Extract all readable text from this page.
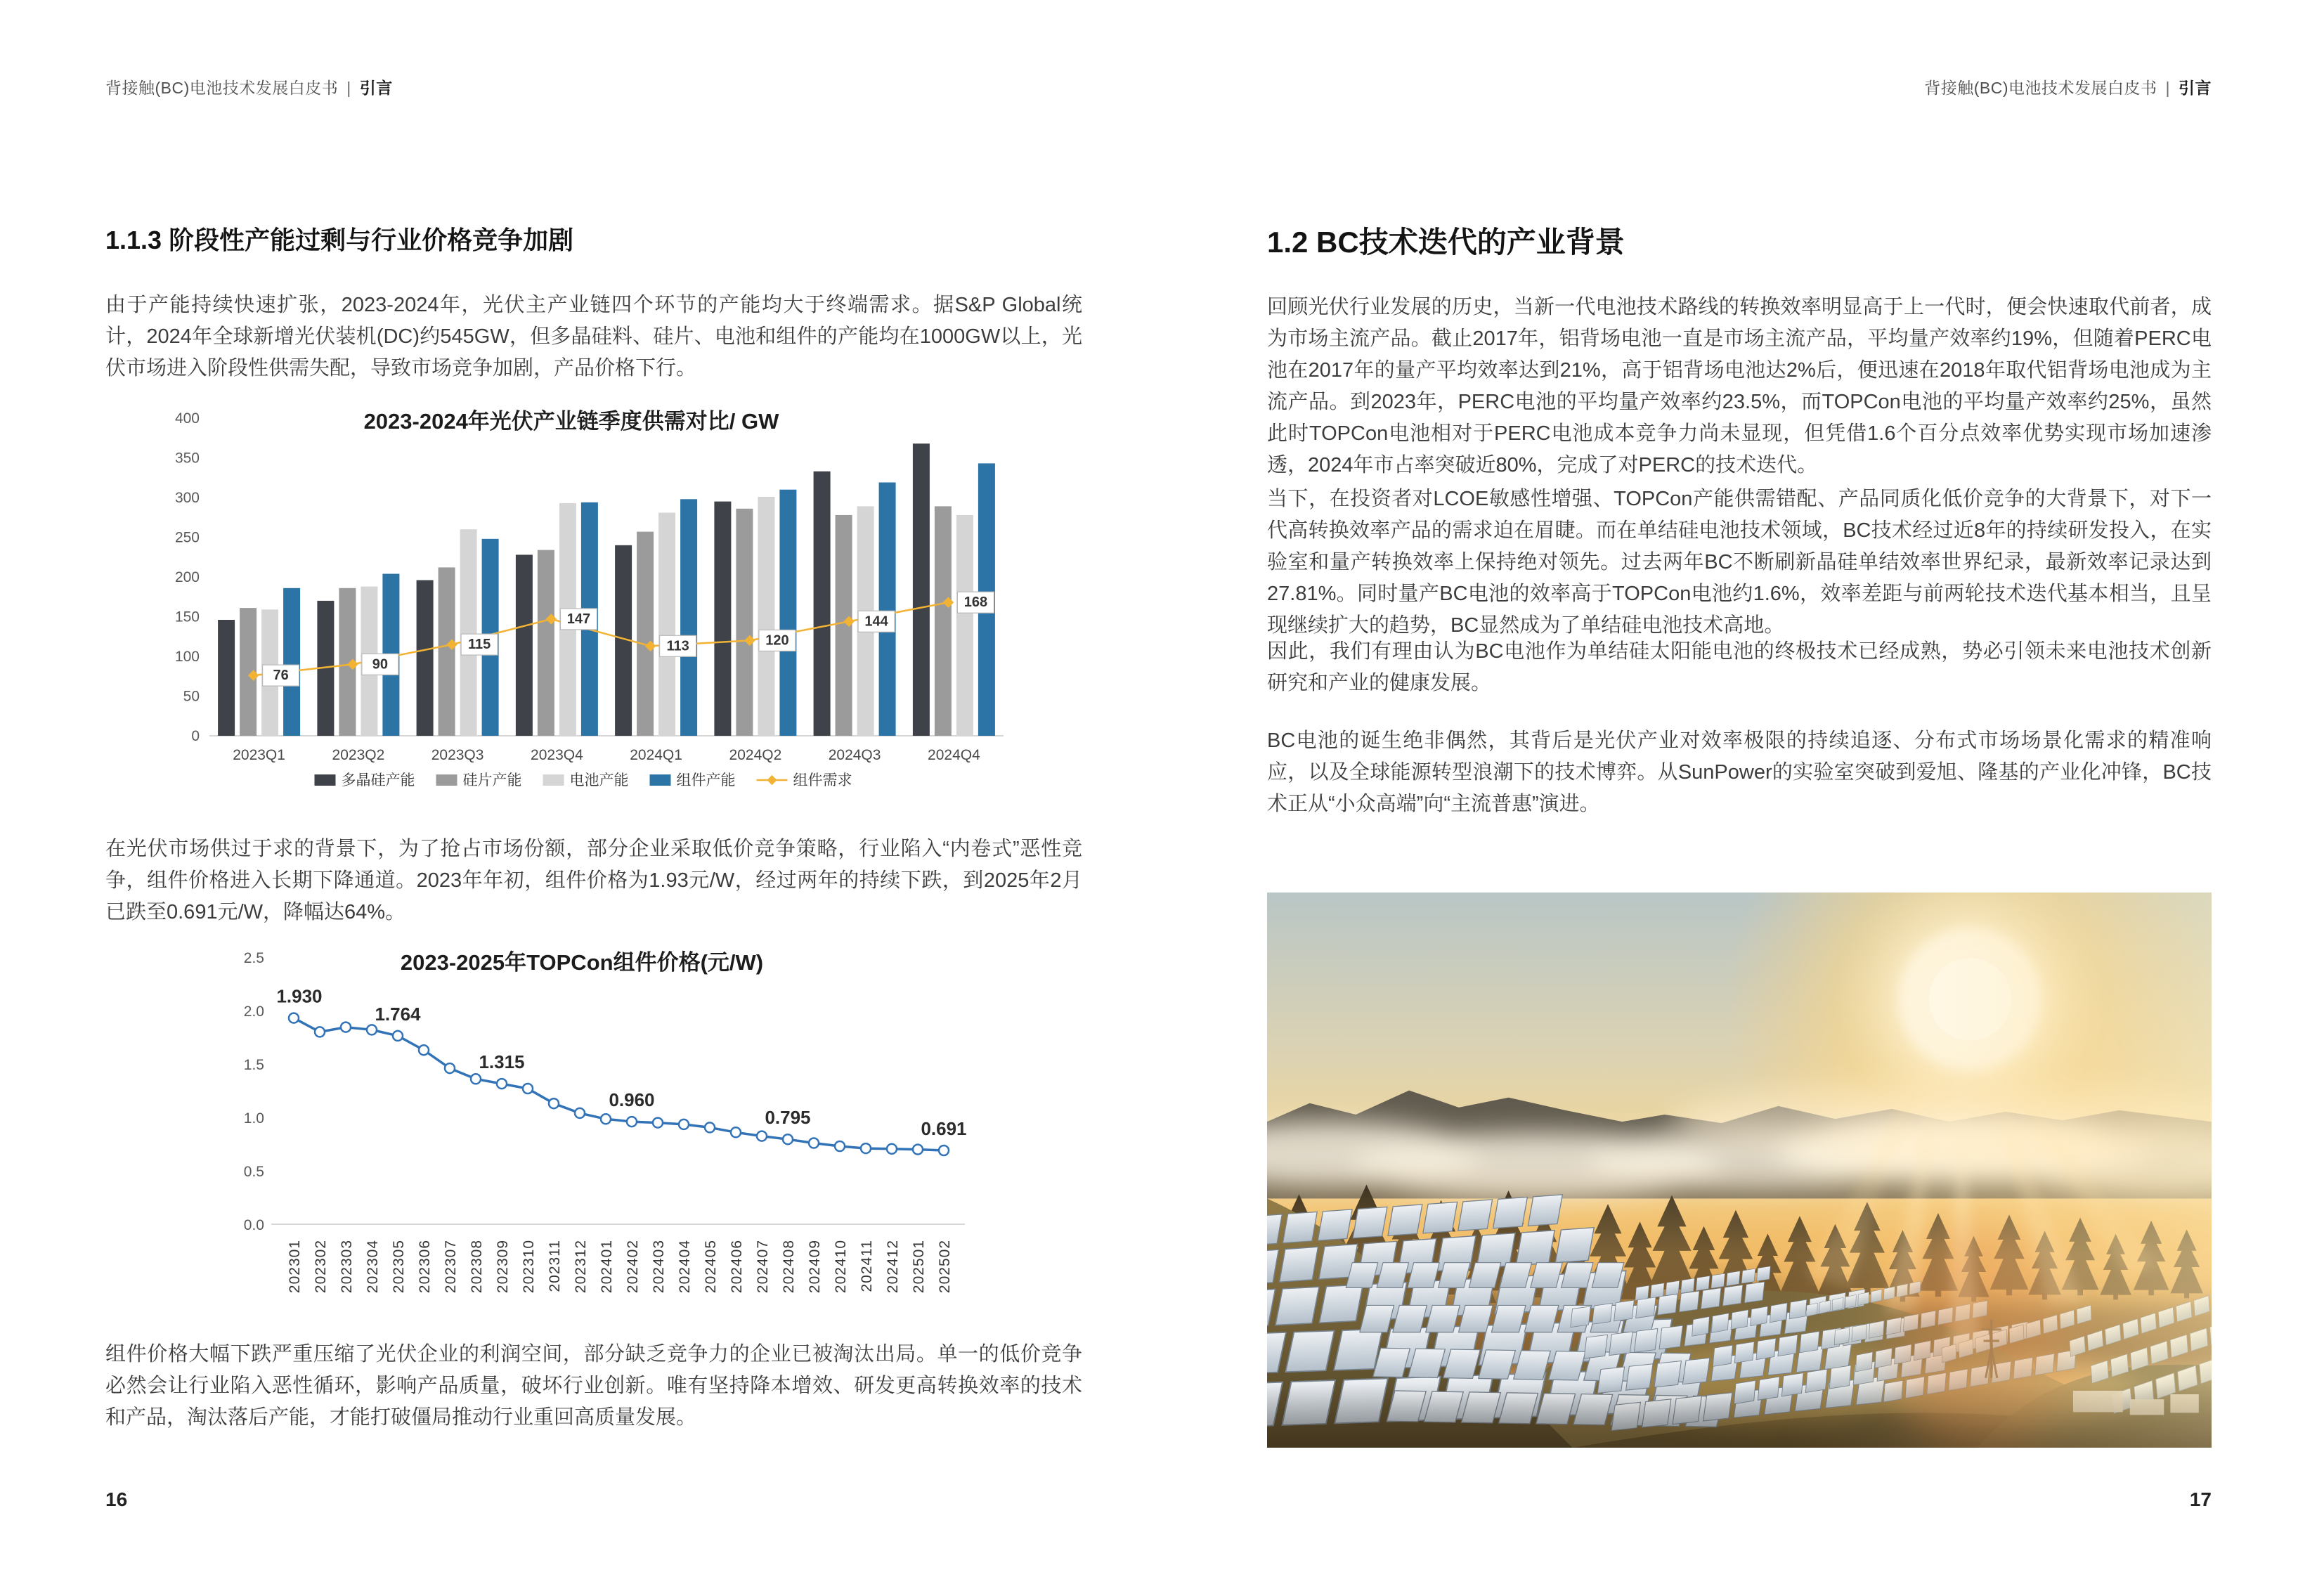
背接触(BC)电池技术发展白皮书 | 引言
1.1.3 阶段性产能过剩与行业价格竞争加剧
由于产能持续快速扩张，2023-2024年，光伏主产业链四个环节的产能均大于终端需求。据S&P Global统计，2024年全球新增光伏装机(DC)约545GW，但多晶硅料、硅片、电池和组件的产能均在1000GW以上，光伏市场进入阶段性供需失配，导致市场竞争加剧，产品价格下行。
2023-2024年光伏产业链季度供需对比/ GW
0
50
100
150
200
250
300
350
400
2023Q1	2023Q2	2023Q3	2023Q4	2024Q1	2024Q2	2024Q3	2024Q4
76
90
115
147
113	120
144
168
多晶硅产能	硅片产能	电池产能	组件产能	组件需求
在光伏市场供过于求的背景下，为了抢占市场份额，部分企业采取低价竞争策略，行业陷入“内卷式”恶性竞争，组件价格进入长期下降通道。2023年年初，组件价格为1.93元/W，经过两年的持续下跌，到2025年2月已跌至0.691元/W，降幅达64%。
2023-2025年TOPCon组件价格(元/W)
0.0
0.5
1.0
1.5
2.0
2.5
1.930
1.764
1.315
0.960
0.795
0.691
202301 202302 202303 202304 202305 202306 202307 202308 202309 202310 202311 202312 202401 202402 202403 202404 202405 202406 202407 202408 202409 202410 202411 202412 202501 202502
组件价格大幅下跌严重压缩了光伏企业的利润空间，部分缺乏竞争力的企业已被淘汰出局。单一的低价竞争必然会让行业陷入恶性循环，影响产品质量，破坏行业创新。唯有坚持降本增效、研发更高转换效率的技术和产品，淘汰落后产能，才能打破僵局推动行业重回高质量发展。
16
背接触(BC)电池技术发展白皮书 | 引言
1.2 BC技术迭代的产业背景
回顾光伏行业发展的历史，当新一代电池技术路线的转换效率明显高于上一代时，便会快速取代前者，成为市场主流产品。截止2017年，铝背场电池一直是市场主流产品，平均量产效率约19%，但随着PERC电池在2017年的量产平均效率达到21%，高于铝背场电池达2%后，便迅速在2018年取代铝背场电池成为主流产品。到2023年，PERC电池的平均量产效率约23.5%，而TOPCon电池的平均量产效率约25%，虽然此时TOPCon电池相对于PERC电池成本竞争力尚未显现，但凭借1.6个百分点效率优势实现市场加速渗透，2024年市占率突破近80%，完成了对PERC的技术迭代。
当下，在投资者对LCOE敏感性增强、TOPCon产能供需错配、产品同质化低价竞争的大背景下，对下一代高转换效率产品的需求迫在眉睫。而在单结硅电池技术领域，BC技术经过近8年的持续研发投入，在实验室和量产转换效率上保持绝对领先。过去两年BC不断刷新晶硅单结效率世界纪录，最新效率记录达到27.81%。同时量产BC电池的效率高于TOPCon电池约1.6%，效率差距与前两轮技术迭代基本相当，且呈现继续扩大的趋势，BC显然成为了单结硅电池技术高地。
因此，我们有理由认为BC电池作为单结硅太阳能电池的终极技术已经成熟，势必引领未来电池技术创新研究和产业的健康发展。
BC电池的诞生绝非偶然，其背后是光伏产业对效率极限的持续追逐、分布式市场场景化需求的精准响应，以及全球能源转型浪潮下的技术博弈。从SunPower的实验室突破到爱旭、隆基的产业化冲锋，BC技术正从“小众高端”向“主流普惠”演进。
17
